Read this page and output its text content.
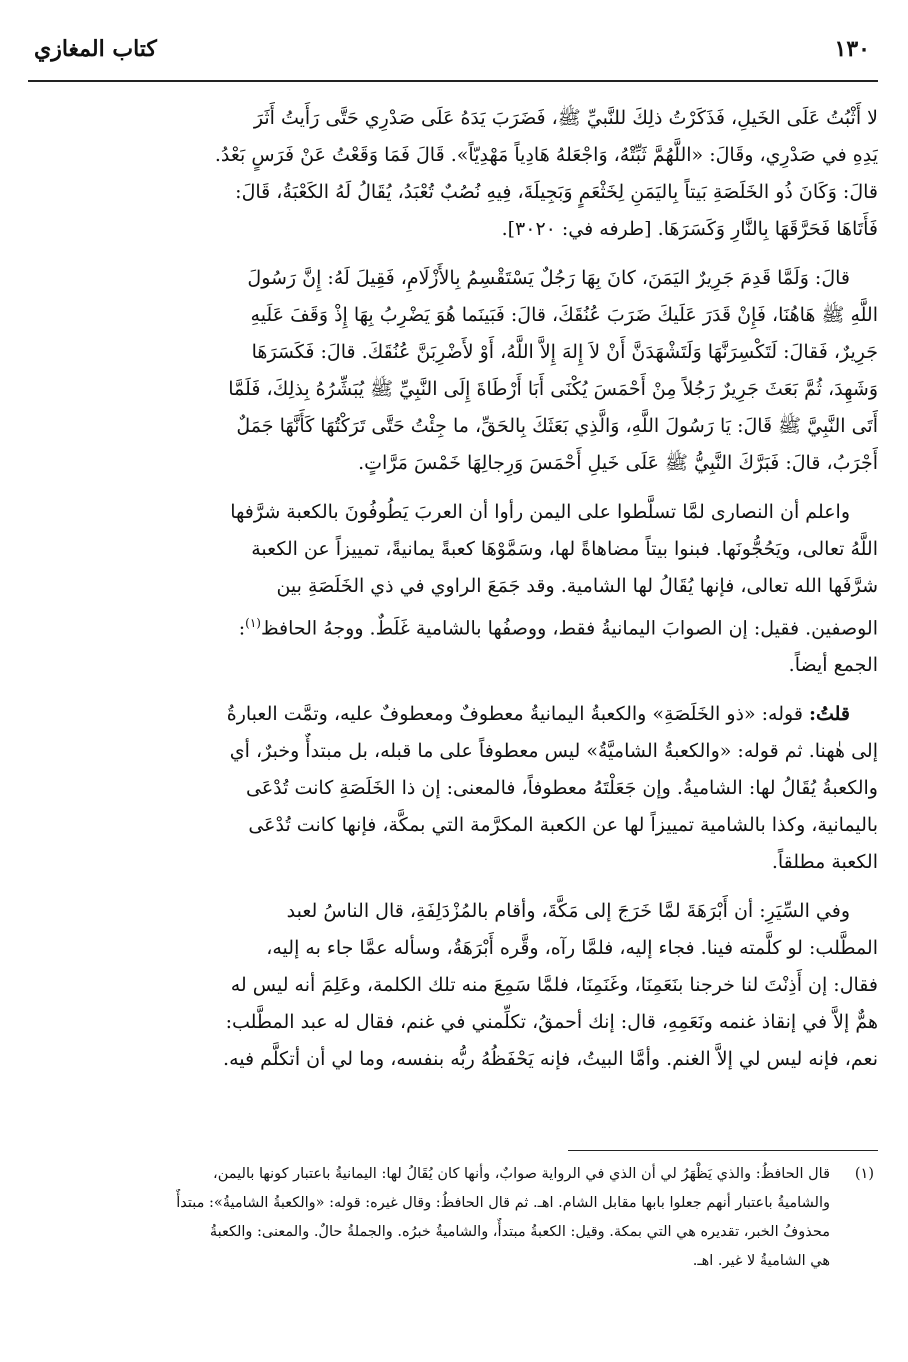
١٣٠
كتاب المغازي

لا أَثْبُتُ عَلَى الخَيلِ، فَذَكَرْتُ ذلِكَ للنَّبيِّ ﷺ، فَضَرَبَ يَدَهُ عَلَى صَدْرِي حَتَّى رَأَيتُ أَثَرَ
يَدِهِ في صَدْرِي، وقَالَ: «اللَّهُمَّ ثَبِّتْهُ، وَاجْعَلهُ هَادِياً مَهْدِيّاً». قَالَ فَمَا وَقَعْتُ عَنْ فَرَسٍ بَعْدُ.
قالَ: وَكَانَ ذُو الخَلَصَةِ بَيتاً بِاليَمَنِ لِخَثْعَمٍ وَبَجِيلَةَ، فِيهِ نُصُبٌ تُعْبَدُ، يُقَالُ لَهُ الكَعْبَةُ، قَالَ:
فَأَتَاهَا فَحَرَّقَهَا بِالنَّارِ وَكَسَرَهَا. [طرفه في: ٣٠٢٠].

قالَ: وَلَمَّا قَدِمَ جَرِيرٌ اليَمَنَ، كانَ بِهَا رَجُلٌ يَسْتَقْسِمُ بِالأَزْلَامِ، فَقِيلَ لَهُ: إِنَّ رَسُولَ
اللَّهِ ﷺ هَاهُنَا، فَإِنْ قَدَرَ عَلَيكَ ضَرَبَ عُنُقَكَ، قالَ: فَبَينَما هُوَ يَضْرِبُ بِهَا إِذْ وَقَفَ عَلَيهِ
جَرِيرٌ، فَقالَ: لَتَكْسِرَنَّهَا وَلَتَشْهَدَنَّ أَنْ لاَ إِلهَ إِلاَّ اللَّهُ، أَوْ لأَضْرِبَنَّ عُنُقَكَ. قالَ: فَكَسَرَهَا
وَشَهِدَ، ثُمَّ بَعَثَ جَرِيرٌ رَجُلاً مِنْ أَحْمَسَ يُكْنَى أَبَا أَرْطَاةَ إِلَى النَّبِيِّ ﷺ يُبَشِّرُهُ بِذلِكَ، فَلَمَّا
أَتَى النَّبِيَّ ﷺ قَالَ: يَا رَسُولَ اللَّهِ، وَالَّذِي بَعَثَكَ بِالحَقِّ، ما جِئْتُ حَتَّى تَرَكْتُهَا كَأَنَّهَا جَمَلٌ
أَجْرَبُ، قالَ: فَبَرَّكَ النَّبِيُّ ﷺ عَلَى خَيلِ أَحْمَسَ وَرِجالِهَا خَمْسَ مَرَّاتٍ.

واعلم أن النصارى لمَّا تسلَّطوا على اليمن رأوا أن العربَ يَطُوفُونَ بالكعبة شرَّفها
اللَّهُ تعالى، ويَحُجُّونَها. فبنوا بيتاً مضاهاةً لها، وسَمَّوْهَا كعبةً يمانيةً، تمييزاً عن الكعبة
شرَّفَها الله تعالى، فإنها يُقَالُ لها الشامية. وقد جَمَعَ الراوي في ذي الخَلَصَةِ بين
الوصفين. فقيل: إن الصوابَ اليمانيةُ فقط، ووصفُها بالشامية غَلَطٌ. ووجهُ الحافظ$^{(١)}$:
الجمع أيضاً.

قلتُ: قوله: «ذو الخَلَصَةِ» والكعبةُ اليمانيةُ معطوفٌ ومعطوفٌ عليه، وتمَّت العبارةُ
إلى هٰهنا. ثم قوله: «والكعبةُ الشاميَّةُ» ليس معطوفاً على ما قبله، بل مبتدأٌ وخبرٌ، أي
والكعبةُ يُقَالُ لها: الشاميةُ. وإن جَعَلْتَهُ معطوفاً، فالمعنى: إن ذا الخَلَصَةِ كانت تُدْعَى
باليمانية، وكذا بالشامية تمييزاً لها عن الكعبة المكرَّمة التي بمكَّة، فإنها كانت تُدْعَى
الكعبة مطلقاً.

وفي السِّيَرِ: أن أَبْرَهَةَ لمَّا خَرَجَ إلى مَكَّةَ، وأقام بالمُزْدَلِفَةِ، قال الناسُ لعبد
المطَّلب: لو كلَّمته فينا. فجاء إليه، فلمَّا رآه، وقَّره أَبْرَهَةُ، وسأله عمَّا جاء به إليه،
فقال: إن أَذِنْتَ لنا خرجنا بنَعَمِنَا، وغَنَمِنَا، فلمَّا سَمِعَ منه تلك الكلمة، وعَلِمَ أنه ليس له
همٌّ إلاَّ في إنقاذ غنمه ونَعَمِهِ، قال: إنك أحمقُ، تكلِّمني في غنم، فقال له عبد المطَّلب:
نعم، فإنه ليس لي إلاَّ الغنم. وأمَّا البيتُ، فإنه يَحْفَظُهُ ربُّه بنفسه، وما لي أن أتكلَّم فيه.

(١)
قال الحافظُ: والذي يَظْهَرُ لي أن الذي في الرواية صوابٌ، وأنها كان يُقَالُ لها: اليمانيةُ باعتبار كونها باليمن،
والشاميةُ باعتبار أنهم جعلوا بابها مقابل الشام. اهـ. ثم قال الحافظُ: وقال غيره: قوله: «والكعبةُ الشاميةُ»: مبتدأٌ
محذوفُ الخبر، تقديره هي التي بمكة. وقيل: الكعبةُ مبتدأٌ، والشاميةُ خبرُه. والجملةُ حالٌ. والمعنى: والكعبةُ
هي الشاميةُ لا غير. اهـ.
